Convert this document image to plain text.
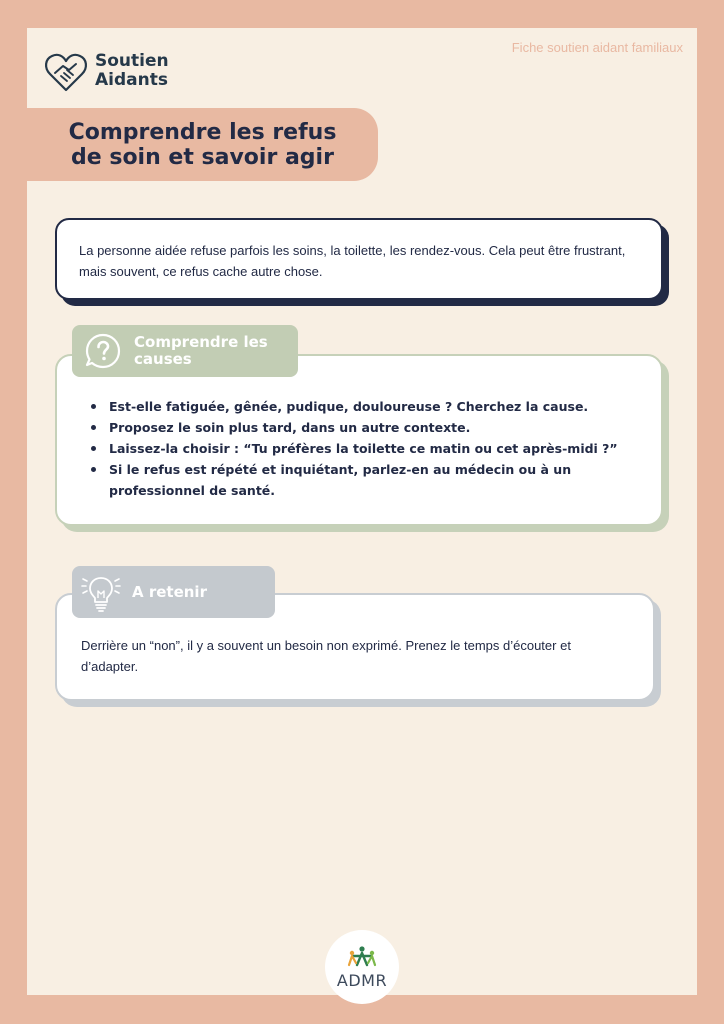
Fiche soutien aidant familiaux
Soutien
Aidants
Comprendre les refus
de soin et savoir agir

La personne aidée refuse parfois les soins, la toilette, les rendez-vous. Cela peut être frustrant, mais souvent, ce refus cache autre chose.

Est-elle fatiguée, gênée, pudique, douloureuse ? Cherchez la cause.
Proposez le soin plus tard, dans un autre contexte.
Laissez-la choisir : “Tu préfères la toilette ce matin ou cet après-midi ?”
Si le refus est répété et inquiétant, parlez-en au médecin ou à un professionnel de santé.
Comprendre les causes

Derrière un “non”, il y a souvent un besoin non exprimé. Prenez le temps d’écouter et d’adapter.

A retenir
ADMR
